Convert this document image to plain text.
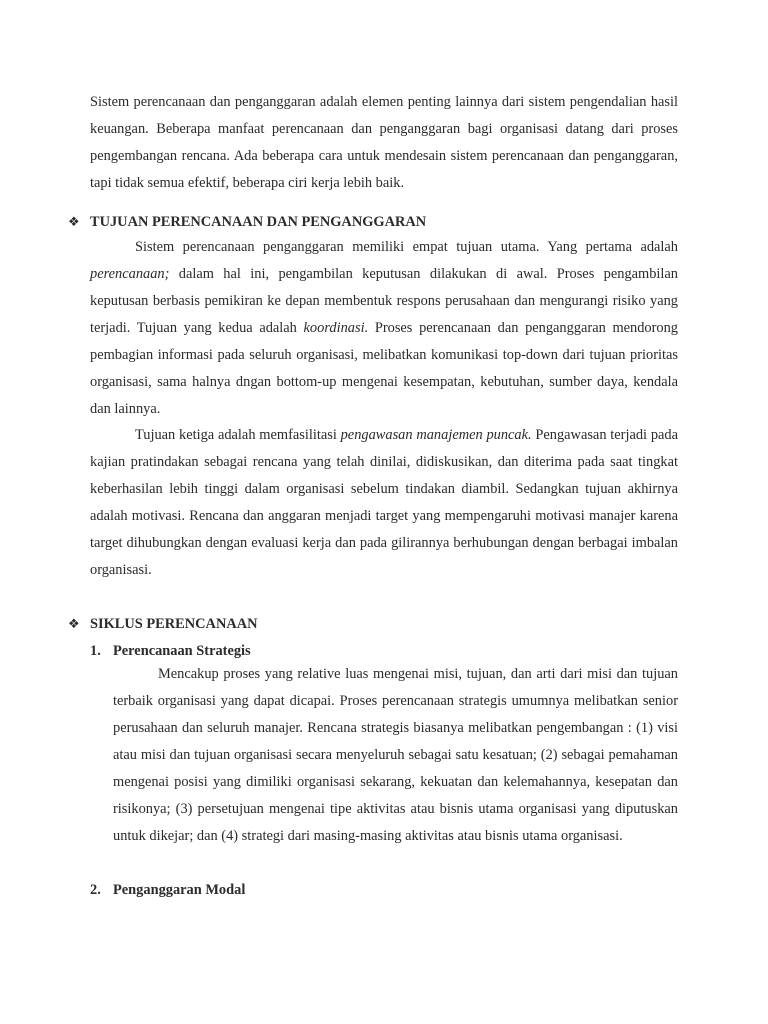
Sistem perencanaan dan penganggaran adalah elemen penting lainnya dari sistem pengendalian hasil keuangan. Beberapa manfaat perencanaan dan penganggaran bagi organisasi datang dari proses pengembangan rencana. Ada beberapa cara untuk mendesain sistem perencanaan dan penganggaran, tapi tidak semua efektif, beberapa ciri kerja lebih baik.

❖ TUJUAN PERENCANAAN DAN PENGANGGARAN

Sistem perencanaan penganggaran memiliki empat tujuan utama. Yang pertama adalah perencanaan; dalam hal ini, pengambilan keputusan dilakukan di awal. Proses pengambilan keputusan berbasis pemikiran ke depan membentuk respons perusahaan dan mengurangi risiko yang terjadi. Tujuan yang kedua adalah koordinasi. Proses perencanaan dan penganggaran mendorong pembagian informasi pada seluruh organisasi, melibatkan komunikasi top-down dari tujuan prioritas organisasi, sama halnya dngan bottom-up mengenai kesempatan, kebutuhan, sumber daya, kendala dan lainnya.

Tujuan ketiga adalah memfasilitasi pengawasan manajemen puncak. Pengawasan terjadi pada kajian pratindakan sebagai rencana yang telah dinilai, didiskusikan, dan diterima pada saat tingkat keberhasilan lebih tinggi dalam organisasi sebelum tindakan diambil. Sedangkan tujuan akhirnya adalah motivasi. Rencana dan anggaran menjadi target yang mempengaruhi motivasi manajer karena target dihubungkan dengan evaluasi kerja dan pada gilirannya berhubungan dengan berbagai imbalan organisasi.

❖ SIKLUS PERENCANAAN
1. Perencanaan Strategis

Mencakup proses yang relative luas mengenai misi, tujuan, dan arti dari misi dan tujuan terbaik organisasi yang dapat dicapai. Proses perencanaan strategis umumnya melibatkan senior perusahaan dan seluruh manajer. Rencana strategis biasanya melibatkan pengembangan : (1) visi atau misi dan tujuan organisasi secara menyeluruh sebagai satu kesatuan; (2) sebagai pemahaman mengenai posisi yang dimiliki organisasi sekarang, kekuatan dan kelemahannya, kesepatan dan risikonya; (3) persetujuan mengenai tipe aktivitas atau bisnis utama organisasi yang diputuskan untuk dikejar; dan (4) strategi dari masing-masing aktivitas atau bisnis utama organisasi.

2. Penganggaran Modal
